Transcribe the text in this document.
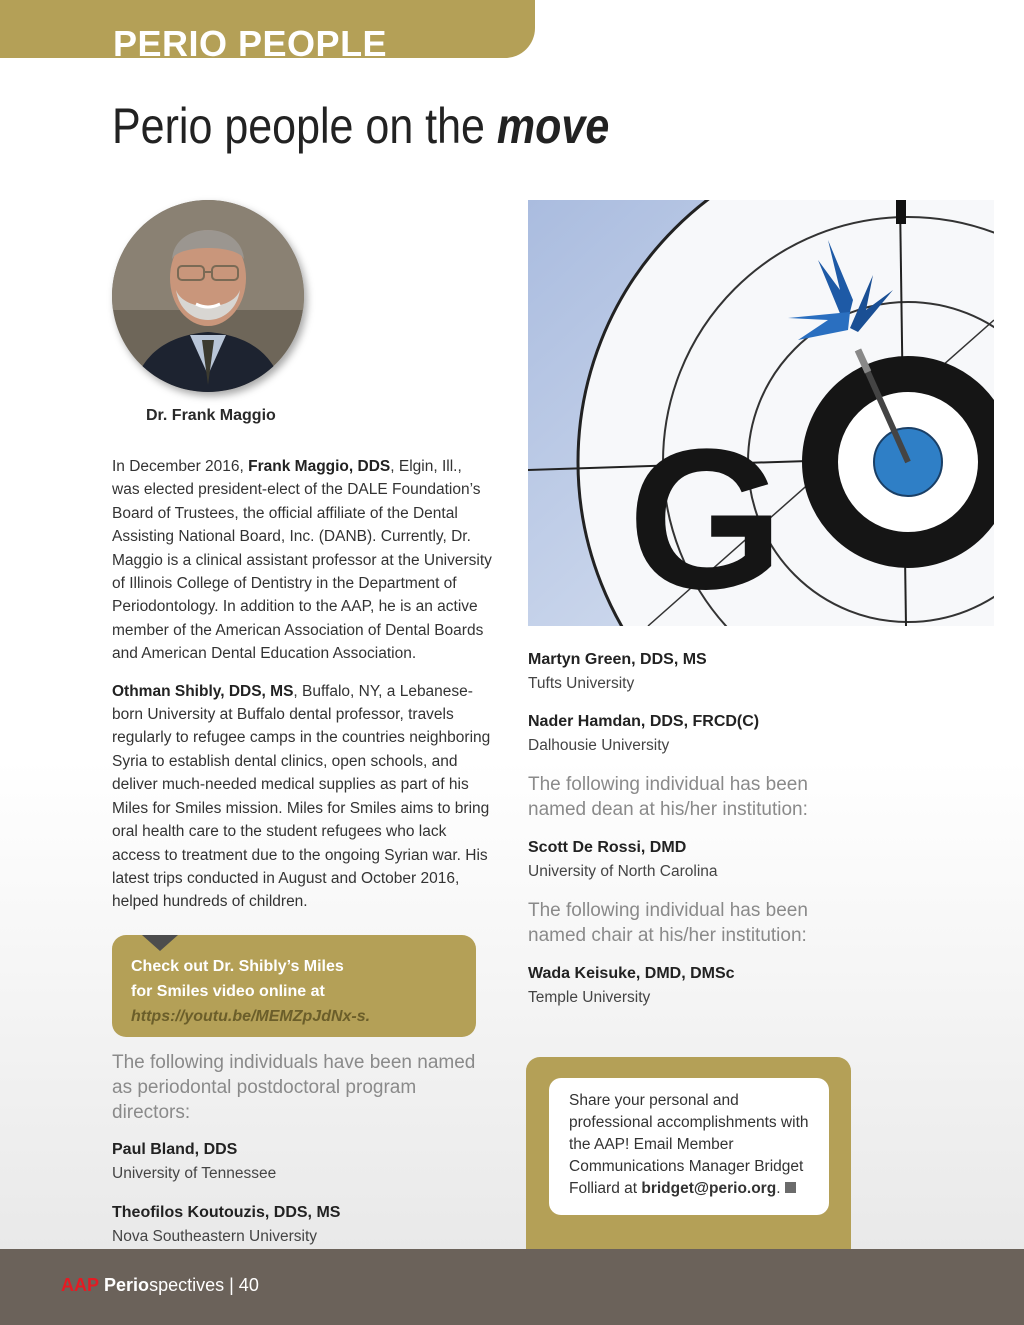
PERIO PEOPLE
Perio people on the move
Dr. Frank Maggio

In December 2016, Frank Maggio, DDS, Elgin, Ill., was elected president-elect of the DALE Foundation’s Board of Trustees, the official affiliate of the Dental Assisting National Board, Inc. (DANB). Currently, Dr. Maggio is a clinical assistant professor at the University of Illinois College of Dentistry in the Department of Periodontology. In addition to the AAP, he is an active member of the American Association of Dental Boards and American Dental Education Association.

Othman Shibly, DDS, MS, Buffalo, NY, a Lebanese-born University at Buffalo dental professor, travels regularly to refugee camps in the countries neighboring Syria to establish dental clinics, open schools, and deliver much-needed medical supplies as part of his Miles for Smiles mission. Miles for Smiles aims to bring oral health care to the student refugees who lack access to treatment due to the ongoing Syrian war. His latest trips conducted in August and October 2016, helped hundreds of children.

Check out Dr. Shibly’s Miles
for Smiles video online at
https://youtu.be/MEMZpJdNx-s.

The following individuals have been named as periodontal postdoctoral program directors:

Paul Bland, DDS

University of Tennessee

Theofilos Koutouzis, DDS, MS

Nova Southeastern University

G

Martyn Green, DDS, MS

Tufts University

Nader Hamdan, DDS, FRCD(C)

Dalhousie University

The following individual has been named dean at his/her institution:

Scott De Rossi, DMD

University of North Carolina

The following individual has been named chair at his/her institution:

Wada Keisuke, DMD, DMSc

Temple University

Share your personal and professional accomplishments with the AAP! Email Member Communications Manager Bridget Folliard at bridget@perio.org.

AAP Periospectives | 40
